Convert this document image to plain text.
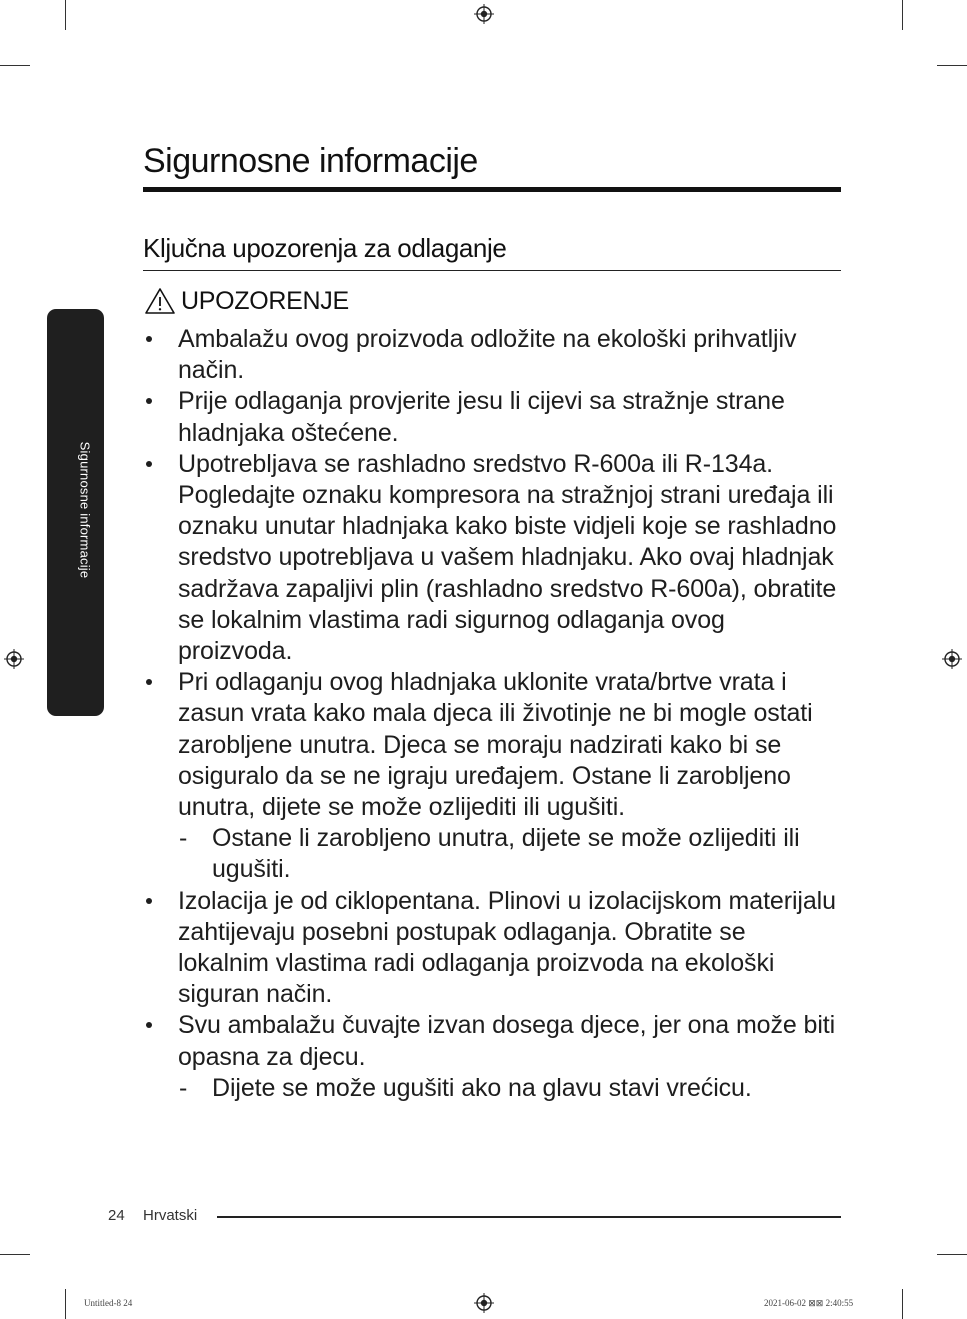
Sigurnosne informacije
Sigurnosne informacije
Ključna upozorenja za odlaganje
UPOZORENJE
Ambalažu ovog proizvoda odložite na ekološki prihvatljiv način.
Prije odlaganja provjerite jesu li cijevi sa stražnje strane hladnjaka oštećene.
Upotrebljava se rashladno sredstvo R-600a ili R-134a. Pogledajte oznaku kompresora na stražnjoj strani uređaja ili oznaku unutar hladnjaka kako biste vidjeli koje se rashladno sredstvo upotrebljava u vašem hladnjaku. Ako ovaj hladnjak sadržava zapaljivi plin (rashladno sredstvo R-600a), obratite se lokalnim vlastima radi sigurnog odlaganja ovog proizvoda.
Pri odlaganju ovog hladnjaka uklonite vrata/brtve vrata i zasun vrata kako mala djeca ili životinje ne bi mogle ostati zarobljene unutra. Djeca se moraju nadzirati kako bi se osiguralo da se ne igraju uređajem. Ostane li zarobljeno unutra, dijete se može ozlijediti ili ugušiti.
- Ostane li zarobljeno unutra, dijete se može ozlijediti ili ugušiti.
Izolacija je od ciklopentana. Plinovi u izolacijskom materijalu zahtijevaju posebni postupak odlaganja. Obratite se lokalnim vlastima radi odlaganja proizvoda na ekološki siguran način.
Svu ambalažu čuvajte izvan dosega djece, jer ona može biti opasna za djecu.
- Dijete se može ugušiti ako na glavu stavi vrećicu.
24 Hrvatski
Untitled-8 24	2021-06-02 ⊠⊠ 2:40:55
